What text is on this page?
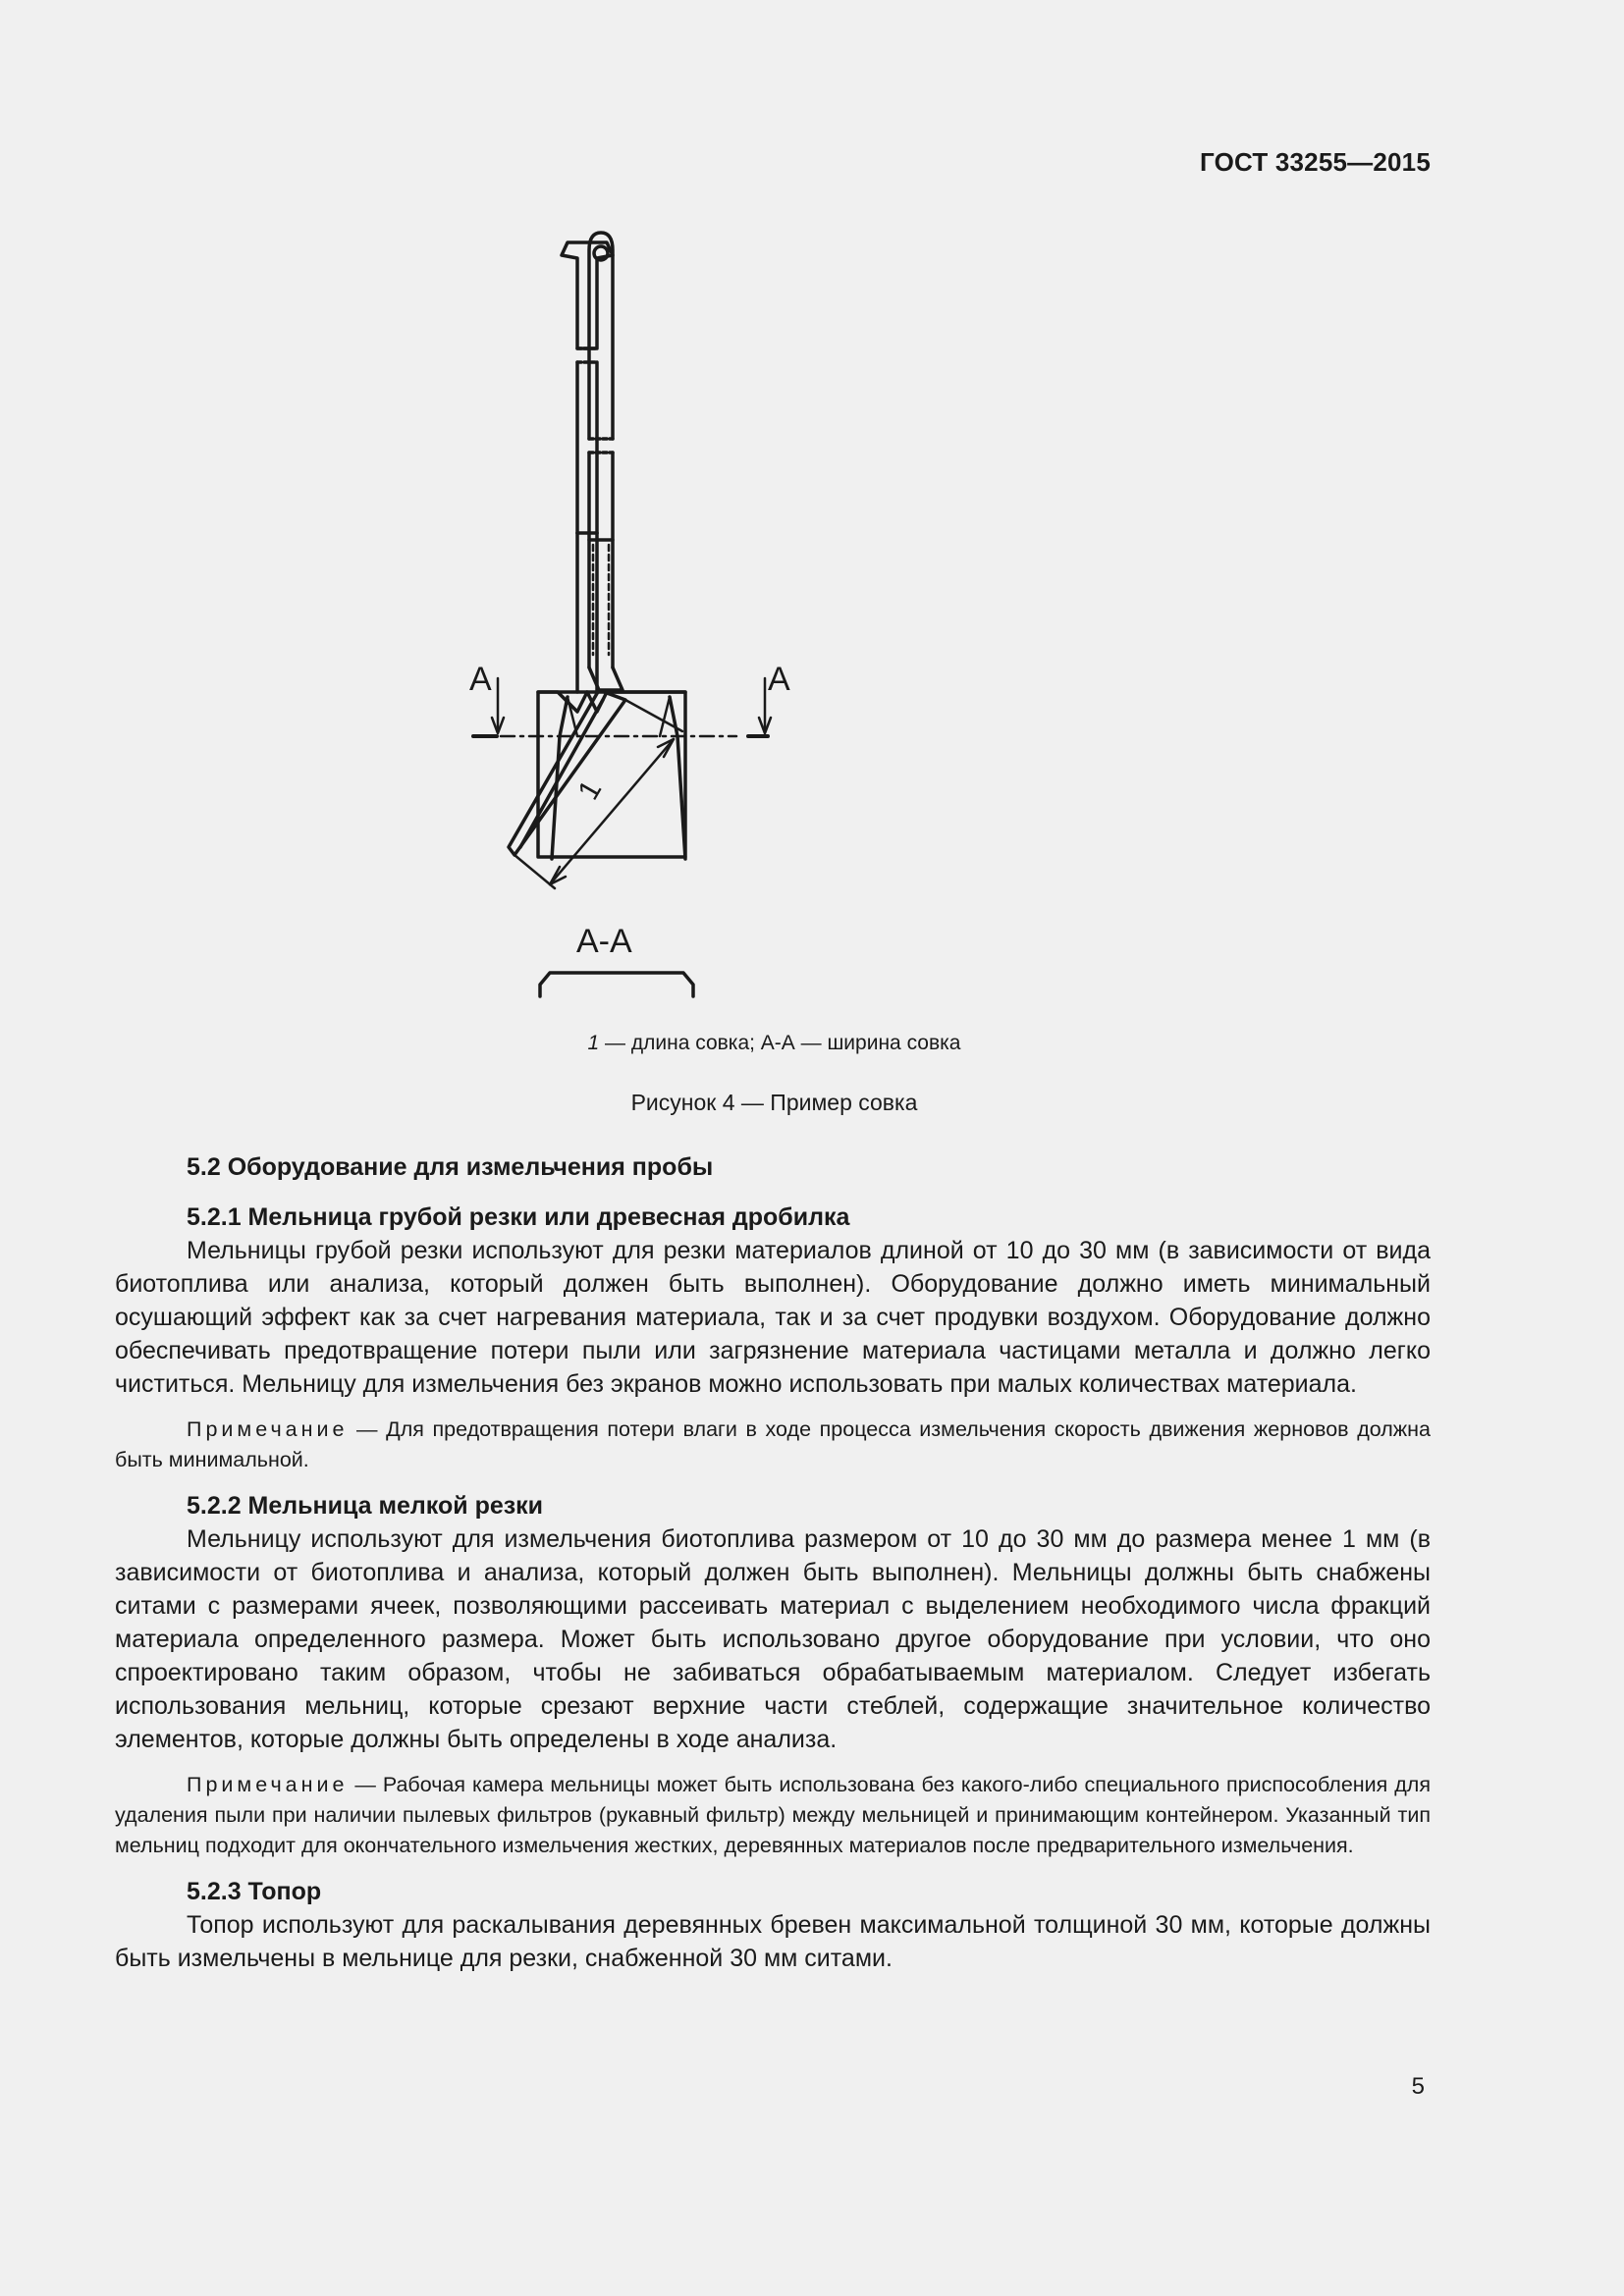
ГОСТ 33255—2015
A	A
A-A
1
1 — длина совка; А-А — ширина совка
Рисунок 4 — Пример совка

5.2 Оборудование для измельчения пробы

5.2.1 Мельница грубой резки или древесная дробилка

Мельницы грубой резки используют для резки материалов длиной от 10 до 30 мм (в зависимости от вида биотоплива или анализа, который должен быть выполнен). Оборудование должно иметь минимальный осушающий эффект как за счет нагревания материала, так и за счет продувки воздухом. Оборудование должно обеспечивать предотвращение потери пыли или загрязнение материала частицами металла и должно легко чиститься. Мельницу для измельчения без экранов можно использовать при малых количествах материала.

Примечание — Для предотвращения потери влаги в ходе процесса измельчения скорость движения жерновов должна быть минимальной.

5.2.2 Мельница мелкой резки

Мельницу используют для измельчения биотоплива размером от 10 до 30 мм до размера менее 1 мм (в зависимости от биотоплива и анализа, который должен быть выполнен). Мельницы должны быть снабжены ситами с размерами ячеек, позволяющими рассеивать материал с выделением необходимого числа фракций материала определенного размера. Может быть использовано другое оборудование при условии, что оно спроектировано таким образом, чтобы не забиваться обрабатываемым материалом. Следует избегать использования мельниц, которые срезают верхние части стеблей, содержащие значительное количество элементов, которые должны быть определены в ходе анализа.

Примечание — Рабочая камера мельницы может быть использована без какого-либо специального приспособления для удаления пыли при наличии пылевых фильтров (рукавный фильтр) между мельницей и принимающим контейнером. Указанный тип мельниц подходит для окончательного измельчения жестких, деревянных материалов после предварительного измельчения.

5.2.3 Топор

Топор используют для раскалывания деревянных бревен максимальной толщиной 30 мм, которые должны быть измельчены в мельнице для резки, снабженной 30 мм ситами.

5
